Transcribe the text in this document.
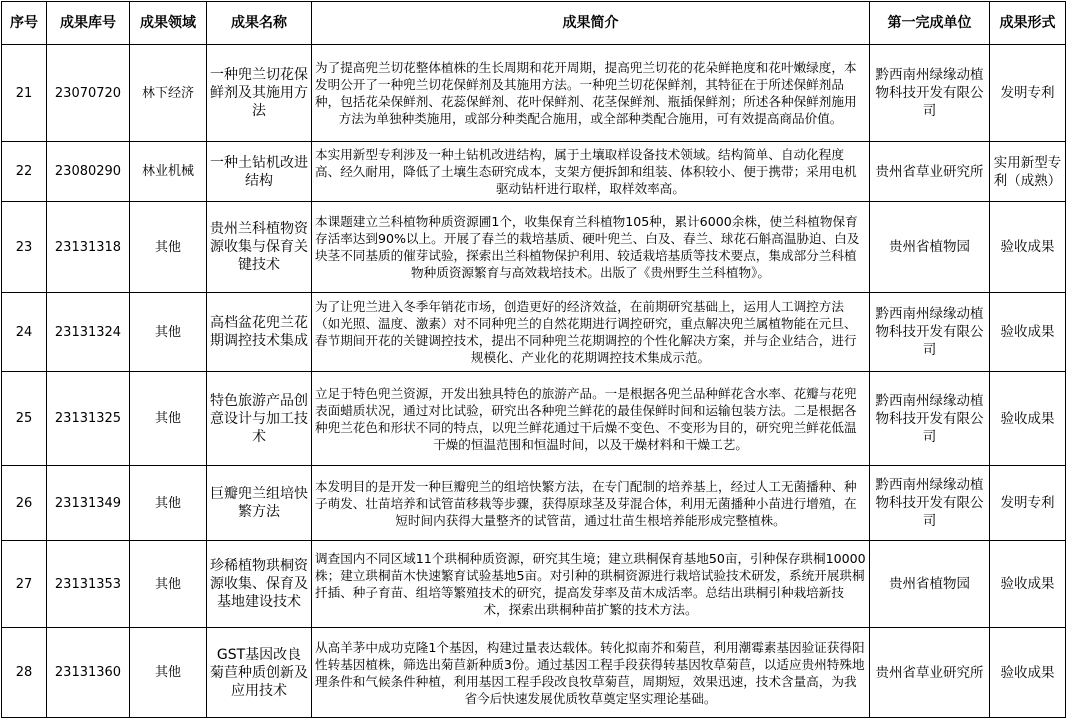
序号	成果库号	成果领域	成果名称	成果简介	第一完成单位	成果形式
21	23070720	林下经济	一种兜兰切花保鲜剂及其施用方法	为了提高兜兰切花整体植株的生长周期和花开周期，提高兜兰切花的花朵鲜艳度和花叶嫩绿度，本发明公开了一种兜兰切花保鲜剂及其施用方法。一种兜兰切花保鲜剂，其特征在于所述保鲜剂品种，包括花朵保鲜剂、花蕊保鲜剂、花叶保鲜剂、花茎保鲜剂、瓶插保鲜剂；所述各种保鲜剂施用方法为单独种类施用，或部分种类配合施用，或全部种类配合施用，可有效提高商品价值。	黔西南州绿缘动植物科技开发有限公司	发明专利
22	23080290	林业机械	一种土钻机改进结构	本实用新型专利涉及一种土钻机改进结构，属于土壤取样设备技术领域。结构简单、自动化程度高、经久耐用，降低了土壤生态研究成本，支架方便拆卸和组装、体积较小、便于携带；采用电机驱动钻杆进行取样，取样效率高。	贵州省草业研究所	实用新型专利（成熟）
23	23131318	其他	贵州兰科植物资源收集与保育关键技术	本课题建立兰科植物种质资源圃1个，收集保育兰科植物105种，累计6000余株，使兰科植物保育存活率达到90%以上。开展了春兰的栽培基质、硬叶兜兰、白及、春兰、球花石斛高温胁迫、白及块茎不同基质的催芽试验，探索出兰科植物保护利用、较适栽培基质等技术要点，集成部分兰科植物种质资源繁育与高效栽培技术。出版了《贵州野生兰科植物》。	贵州省植物园	验收成果
24	23131324	其他	高档盆花兜兰花期调控技术集成	为了让兜兰进入冬季年销花市场，创造更好的经济效益，在前期研究基础上，运用人工调控方法（如光照、温度、激素）对不同种兜兰的自然花期进行调控研究，重点解决兜兰属植物能在元旦、春节期间开花的关键调控技术，提出不同种兜兰花期调控的个性化解决方案，并与企业结合，进行规模化、产业化的花期调控技术集成示范。	黔西南州绿缘动植物科技开发有限公司	验收成果
25	23131325	其他	特色旅游产品创意设计与加工技术	立足于特色兜兰资源，开发出独具特色的旅游产品。一是根据各兜兰品种鲜花含水率、花瓣与花兜表面蜡质状况，通过对比试验，研究出各种兜兰鲜花的最佳保鲜时间和运输包装方法。二是根据各种兜兰花色和形状不同的特点，以兜兰鲜花通过干后燥不变色、不变形为目的，研究兜兰鲜花低温干燥的恒温范围和恒温时间，以及干燥材料和干燥工艺。	黔西南州绿缘动植物科技开发有限公司	验收成果
26	23131349	其他	巨瓣兜兰组培快繁方法	本发明目的是开发一种巨瓣兜兰的组培快繁方法，在专门配制的培养基上，经过人工无菌播种、种子萌发、壮苗培养和试管苗移栽等步骤，获得原球茎及芽混合体，利用无菌播种小苗进行增殖，在短时间内获得大量整齐的试管苗，通过壮苗生根培养能形成完整植株。	黔西南州绿缘动植物科技开发有限公司	发明专利
27	23131353	其他	珍稀植物珙桐资源收集、保育及基地建设技术	调查国内不同区域11个珙桐种质资源，研究其生境；建立珙桐保育基地50亩，引种保存珙桐10000株；建立珙桐苗木快速繁育试验基地5亩。对引种的珙桐资源进行栽培试验技术研发，系统开展珙桐扦插、种子育苗、组培等繁殖技术的研究，提高发芽率及苗木成活率。总结出珙桐引种栽培新技术，探索出珙桐种苗扩繁的技术方法。	贵州省植物园	验收成果
28	23131360	其他	GST基因改良菊苣种质创新及应用技术	从高羊茅中成功克隆1个基因，构建过量表达载体。转化拟南芥和菊苣，利用潮霉素基因验证获得阳性转基因植株，筛选出菊苣新种质3份。通过基因工程手段获得转基因牧草菊苣，以适应贵州特殊地理条件和气候条件种植，利用基因工程手段改良牧草菊苣，周期短，效果迅速，技术含量高，为我省今后快速发展优质牧草奠定坚实理论基础。	贵州省草业研究所	验收成果
